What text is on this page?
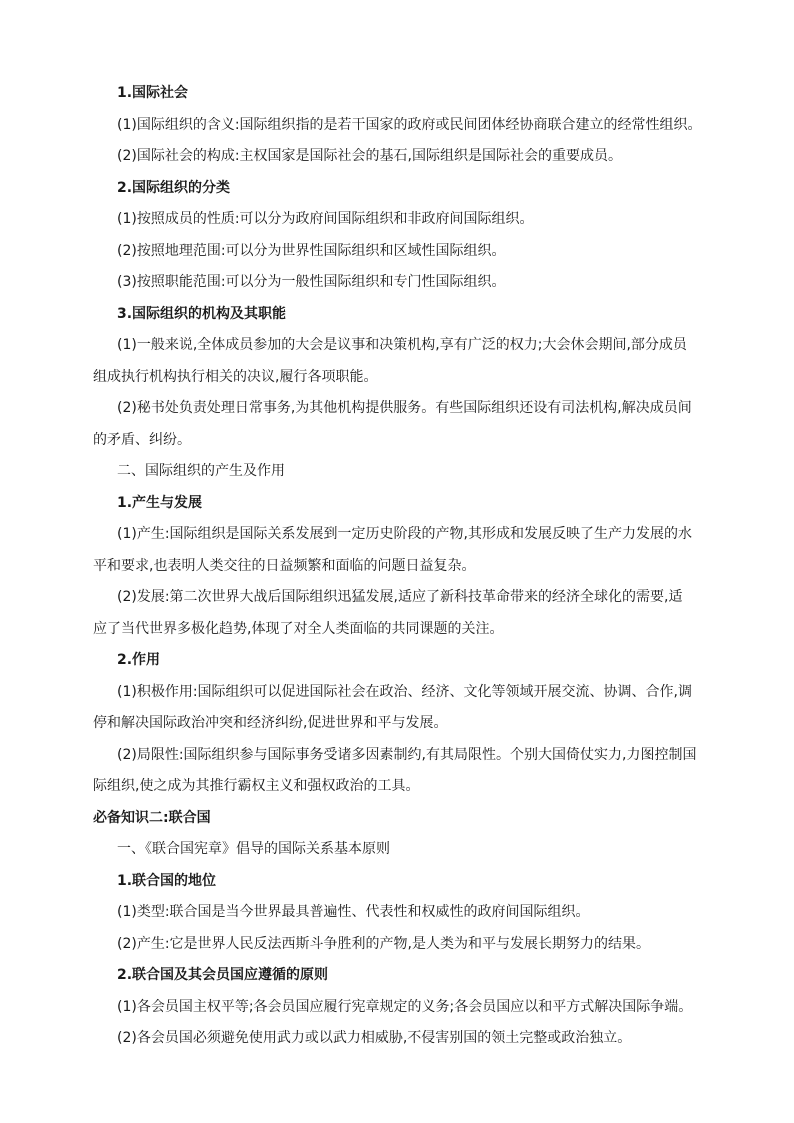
1.国际社会
(1)国际组织的含义:国际组织指的是若干国家的政府或民间团体经协商联合建立的经常性组织。
(2)国际社会的构成:主权国家是国际社会的基石,国际组织是国际社会的重要成员。
2.国际组织的分类
(1)按照成员的性质:可以分为政府间国际组织和非政府间国际组织。
(2)按照地理范围:可以分为世界性国际组织和区域性国际组织。
(3)按照职能范围:可以分为一般性国际组织和专门性国际组织。
3.国际组织的机构及其职能
(1)一般来说,全体成员参加的大会是议事和决策机构,享有广泛的权力;大会休会期间,部分成员
组成执行机构执行相关的决议,履行各项职能。
(2)秘书处负责处理日常事务,为其他机构提供服务。有些国际组织还设有司法机构,解决成员间
的矛盾、纠纷。
二、国际组织的产生及作用
1.产生与发展
(1)产生:国际组织是国际关系发展到一定历史阶段的产物,其形成和发展反映了生产力发展的水
平和要求,也表明人类交往的日益频繁和面临的问题日益复杂。
(2)发展:第二次世界大战后国际组织迅猛发展,适应了新科技革命带来的经济全球化的需要,适
应了当代世界多极化趋势,体现了对全人类面临的共同课题的关注。
2.作用
(1)积极作用:国际组织可以促进国际社会在政治、经济、文化等领域开展交流、协调、合作,调
停和解决国际政治冲突和经济纠纷,促进世界和平与发展。
(2)局限性:国际组织参与国际事务受诸多因素制约,有其局限性。个别大国倚仗实力,力图控制国
际组织,使之成为其推行霸权主义和强权政治的工具。
必备知识二:联合国
一、《联合国宪章》倡导的国际关系基本原则
1.联合国的地位
(1)类型:联合国是当今世界最具普遍性、代表性和权威性的政府间国际组织。
(2)产生:它是世界人民反法西斯斗争胜利的产物,是人类为和平与发展长期努力的结果。
2.联合国及其会员国应遵循的原则
(1)各会员国主权平等;各会员国应履行宪章规定的义务;各会员国应以和平方式解决国际争端。
(2)各会员国必须避免使用武力或以武力相威胁,不侵害别国的领土完整或政治独立。
